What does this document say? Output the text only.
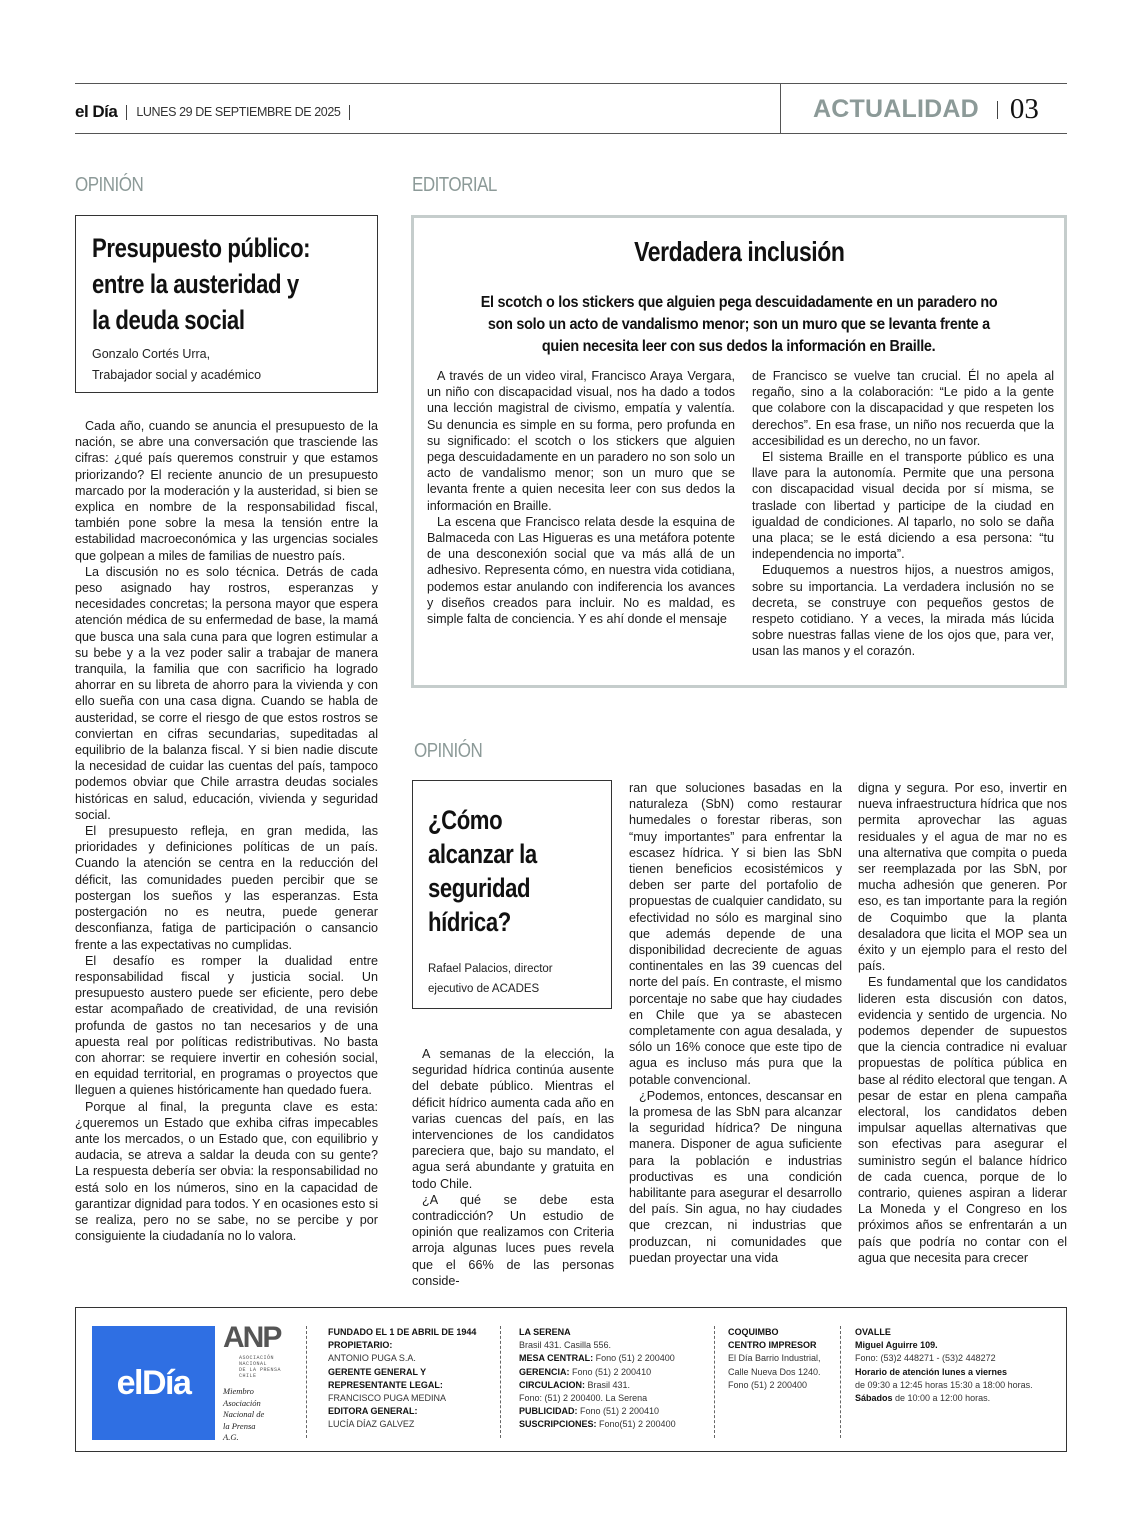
el Día LUNES 29 DE SEPTIEMBRE DE 2025	ACTUALIDAD 03
OPINIÓN
Presupuesto público:
entre la austeridad y
la deuda social
Gonzalo Cortés Urra,
Trabajador social y académico

Cada año, cuando se anuncia el presupuesto de la nación, se abre una conversación que trasciende las cifras: ¿qué país queremos construir y que estamos priorizando? El reciente anuncio de un presupuesto marcado por la moderación y la austeridad, si bien se explica en nombre de la responsabilidad fiscal, también pone sobre la mesa la tensión entre la estabilidad macroeconómica y las urgencias sociales que golpean a miles de familias de nuestro país.

La discusión no es solo técnica. Detrás de cada peso asignado hay rostros, esperanzas y necesidades concretas; la persona mayor que espera atención médica de su enfermedad de base, la mamá que busca una sala cuna para que logren estimular a su bebe y a la vez poder salir a trabajar de manera tranquila, la familia que con sacrificio ha logrado ahorrar en su libreta de ahorro para la vivienda y con ello sueña con una casa digna. Cuando se habla de austeridad, se corre el riesgo de que estos rostros se conviertan en cifras secundarias, supeditadas al equilibrio de la balanza fiscal. Y si bien nadie discute la necesidad de cuidar las cuentas del país, tampoco podemos obviar que Chile arrastra deudas sociales históricas en salud, educación, vivienda y seguridad social.

El presupuesto refleja, en gran medida, las prioridades y definiciones políticas de un país. Cuando la atención se centra en la reducción del déficit, las comunidades pueden percibir que se postergan los sueños y las esperanzas. Esta postergación no es neutra, puede generar desconfianza, fatiga de participación o cansancio frente a las expectativas no cumplidas.

El desafío es romper la dualidad entre responsabilidad fiscal y justicia social. Un presupuesto austero puede ser eficiente, pero debe estar acompañado de creatividad, de una revisión profunda de gastos no tan necesarios y de una apuesta real por políticas redistributivas. No basta con ahorrar: se requiere invertir en cohesión social, en equidad territorial, en programas o proyectos que lleguen a quienes históricamente han quedado fuera.

Porque al final, la pregunta clave es esta: ¿queremos un Estado que exhiba cifras impecables ante los mercados, o un Estado que, con equilibrio y audacia, se atreva a saldar la deuda con su gente? La respuesta debería ser obvia: la responsabilidad no está solo en los números, sino en la capacidad de garantizar dignidad para todos. Y en ocasiones esto si se realiza, pero no se sabe, no se percibe y por consiguiente la ciudadanía no lo valora.

EDITORIAL
Verdadera inclusión
El scotch o los stickers que alguien pega descuidadamente en un paradero no
son solo un acto de vandalismo menor; son un muro que se levanta frente a
quien necesita leer con sus dedos la información en Braille.

A través de un video viral, Francisco Araya Vergara, un niño con discapacidad visual, nos ha dado a todos una lección magistral de civismo, empatía y valentía. Su denuncia es simple en su forma, pero profunda en su significado: el scotch o los stickers que alguien pega descuidadamente en un paradero no son solo un acto de vandalismo menor; son un muro que se levanta frente a quien necesita leer con sus dedos la información en Braille.

La escena que Francisco relata desde la esquina de Balmaceda con Las Higueras es una metáfora potente de una desconexión social que va más allá de un adhesivo. Representa cómo, en nuestra vida cotidiana, podemos estar anulando con indiferencia los avances y diseños creados para incluir. No es maldad, es simple falta de conciencia. Y es ahí donde el mensaje

de Francisco se vuelve tan crucial. Él no apela al regaño, sino a la colaboración: “Le pido a la gente que colabore con la discapacidad y que respeten los derechos”. En esa frase, un niño nos recuerda que la accesibilidad es un derecho, no un favor.

El sistema Braille en el transporte público es una llave para la autonomía. Permite que una persona con discapacidad visual decida por sí misma, se traslade con libertad y participe de la ciudad en igualdad de condiciones. Al taparlo, no solo se daña una placa; se le está diciendo a esa persona: “tu independencia no importa”.

Eduquemos a nuestros hijos, a nuestros amigos, sobre su importancia. La verdadera inclusión no se decreta, se construye con pequeños gestos de respeto cotidiano. Y a veces, la mirada más lúcida sobre nuestras fallas viene de los ojos que, para ver, usan las manos y el corazón.

OPINIÓN
¿Cómo
alcanzar la
seguridad
hídrica?
Rafael Palacios, director
ejecutivo de ACADES

A semanas de la elección, la seguridad hídrica continúa ausente del debate público. Mientras el déficit hídrico aumenta cada año en varias cuencas del país, en las intervenciones de los candidatos pareciera que, bajo su mandato, el agua será abundante y gratuita en todo Chile.

¿A qué se debe esta contradicción? Un estudio de opinión que realizamos con Criteria arroja algunas luces pues revela que el 66% de las personas conside-

ran que soluciones basadas en la naturaleza (SbN) como restaurar humedales o forestar riberas, son “muy importantes” para enfrentar la escasez hídrica. Y si bien las SbN tienen beneficios ecosistémicos y deben ser parte del portafolio de propuestas de cualquier candidato, su efectividad no sólo es marginal sino que además depende de una disponibilidad decreciente de aguas continentales en las 39 cuencas del norte del país. En contraste, el mismo porcentaje no sabe que hay ciudades en Chile que ya se abastecen completamente con agua desalada, y sólo un 16% conoce que este tipo de agua es incluso más pura que la potable convencional.

¿Podemos, entonces, descansar en la promesa de las SbN para alcanzar la seguridad hídrica? De ninguna manera. Disponer de agua suficiente para la población e industrias productivas es una condición habilitante para asegurar el desarrollo del país. Sin agua, no hay ciudades que crezcan, ni industrias que produzcan, ni comunidades que puedan proyectar una vida

digna y segura. Por eso, invertir en nueva infraestructura hídrica que nos permita aprovechar las aguas residuales y el agua de mar no es una alternativa que compita o pueda ser reemplazada por las SbN, por mucha adhesión que generen. Por eso, es tan importante para la región de Coquimbo que la planta desaladora que licita el MOP sea un éxito y un ejemplo para el resto del país.

Es fundamental que los candidatos lideren esta discusión con datos, evidencia y sentido de urgencia. No podemos depender de supuestos que la ciencia contradice ni evaluar propuestas de política pública en base al rédito electoral que tengan. A pesar de estar en plena campaña electoral, los candidatos deben impulsar aquellas alternativas que son efectivas para asegurar el suministro según el balance hídrico de cada cuenca, porque de lo contrario, quienes aspiran a liderar La Moneda y el Congreso en los próximos años se enfrentarán a un país que podría no contar con el agua que necesita para crecer

elDía
ANP
ASOCIACIÓN
NACIONAL
DE LA PRENSA
CHILE
Miembro
Asociación
Nacional de
la Prensa
A.G.
FUNDADO EL 1 DE ABRIL DE 1944
PROPIETARIO:
ANTONIO PUGA S.A.
GERENTE GENERAL Y
REPRESENTANTE LEGAL:
FRANCISCO PUGA MEDINA
EDITORA GENERAL:
LUCÍA DÍAZ GALVEZ
LA SERENA
Brasil 431. Casilla 556.
MESA CENTRAL: Fono (51) 2 200400
GERENCIA: Fono (51) 2 200410
CIRCULACION: Brasil 431.
Fono: (51) 2 200400. La Serena
PUBLICIDAD: Fono (51) 2 200410
SUSCRIPCIONES: Fono(51) 2 200400
COQUIMBO
CENTRO IMPRESOR
El Día Barrio Industrial,
Calle Nueva Dos 1240.
Fono (51) 2 200400
OVALLE
Miguel Aguirre 109.
Fono: (53)2 448271 - (53)2 448272
Horario de atención lunes a viernes
de 09:30 a 12:45 horas 15:30 a 18:00 horas.
Sábados de 10:00 a 12:00 horas.
